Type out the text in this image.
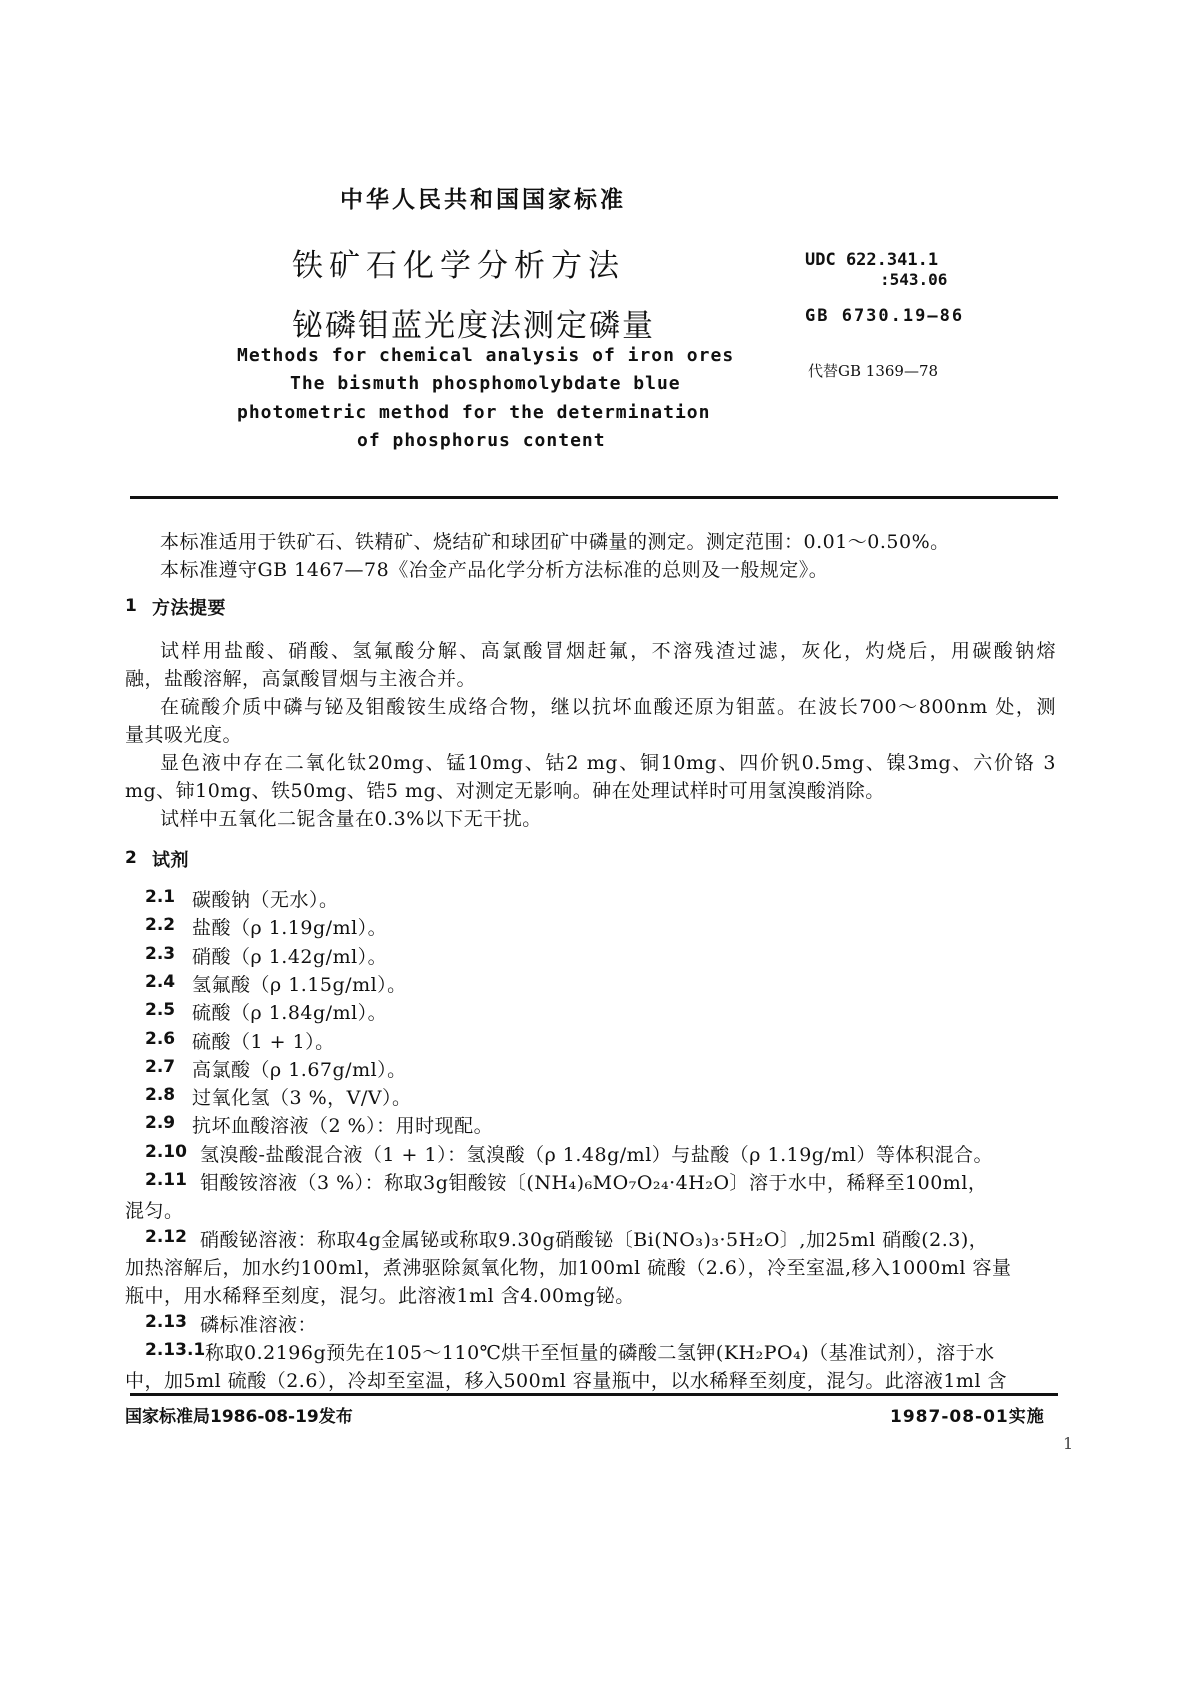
中华人民共和国国家标准
铁矿石化学分析方法
铋磷钼蓝光度法测定磷量
UDC 622.341.1
:543.06
GB 6730.19—86
代替GB 1369—78
Methods for chemical analysis of iron ores
The bismuth phosphomolybdate blue
photometric method for the determination
of phosphorus content
本标准适用于铁矿石、铁精矿、烧结矿和球团矿中磷量的测定。测定范围：0.01～0.50%。
本标准遵守GB 1467—78《冶金产品化学分析方法标准的总则及一般规定》。
1 方法提要
试样用盐酸、硝酸、氢氟酸分解、高氯酸冒烟赶氟，不溶残渣过滤，灰化，灼烧后，用碳酸钠熔
融，盐酸溶解，高氯酸冒烟与主液合并。
在硫酸介质中磷与铋及钼酸铵生成络合物，继以抗坏血酸还原为钼蓝。在波长700～800nm 处，测
量其吸光度。
显色液中存在二氧化钛20mg、锰10mg、钴2 mg、铜10mg、四价钒0.5mg、镍3mg、六价铬 3
mg、铈10mg、铁50mg、锆5 mg、对测定无影响。砷在处理试样时可用氢溴酸消除。
试样中五氧化二铌含量在0.3%以下无干扰。
2 试剂
2.1 碳酸钠（无水）。
2.2 盐酸（ρ 1.19g/ml）。
2.3 硝酸（ρ 1.42g/ml）。
2.4 氢氟酸（ρ 1.15g/ml）。
2.5 硫酸（ρ 1.84g/ml）。
2.6 硫酸（1 + 1）。
2.7 高氯酸（ρ 1.67g/ml）。
2.8 过氧化氢（3 %，V/V）。
2.9 抗坏血酸溶液（2 %）：用时现配。
2.10 氢溴酸-盐酸混合液（1 + 1）：氢溴酸（ρ 1.48g/ml）与盐酸（ρ 1.19g/ml）等体积混合。
2.11 钼酸铵溶液（3 %）：称取3g钼酸铵〔(NH₄)₆MO₇O₂₄·4H₂O〕溶于水中，稀释至100ml，
混匀。
2.12 硝酸铋溶液：称取4g金属铋或称取9.30g硝酸铋〔Bi(NO₃)₃·5H₂O〕,加25ml 硝酸(2.3)，
加热溶解后，加水约100ml，煮沸驱除氮氧化物，加100ml 硫酸（2.6），冷至室温,移入1000ml 容量
瓶中，用水稀释至刻度，混匀。此溶液1ml 含4.00mg铋。
2.13 磷标准溶液：
2.13.1 称取0.2196g预先在105～110℃烘干至恒量的磷酸二氢钾(KH₂PO₄)（基准试剂），溶于水
中，加5ml 硫酸（2.6），冷却至室温，移入500ml 容量瓶中，以水稀释至刻度，混匀。此溶液1ml 含
国家标准局1986-08-19发布	1987-08-01实施
1
